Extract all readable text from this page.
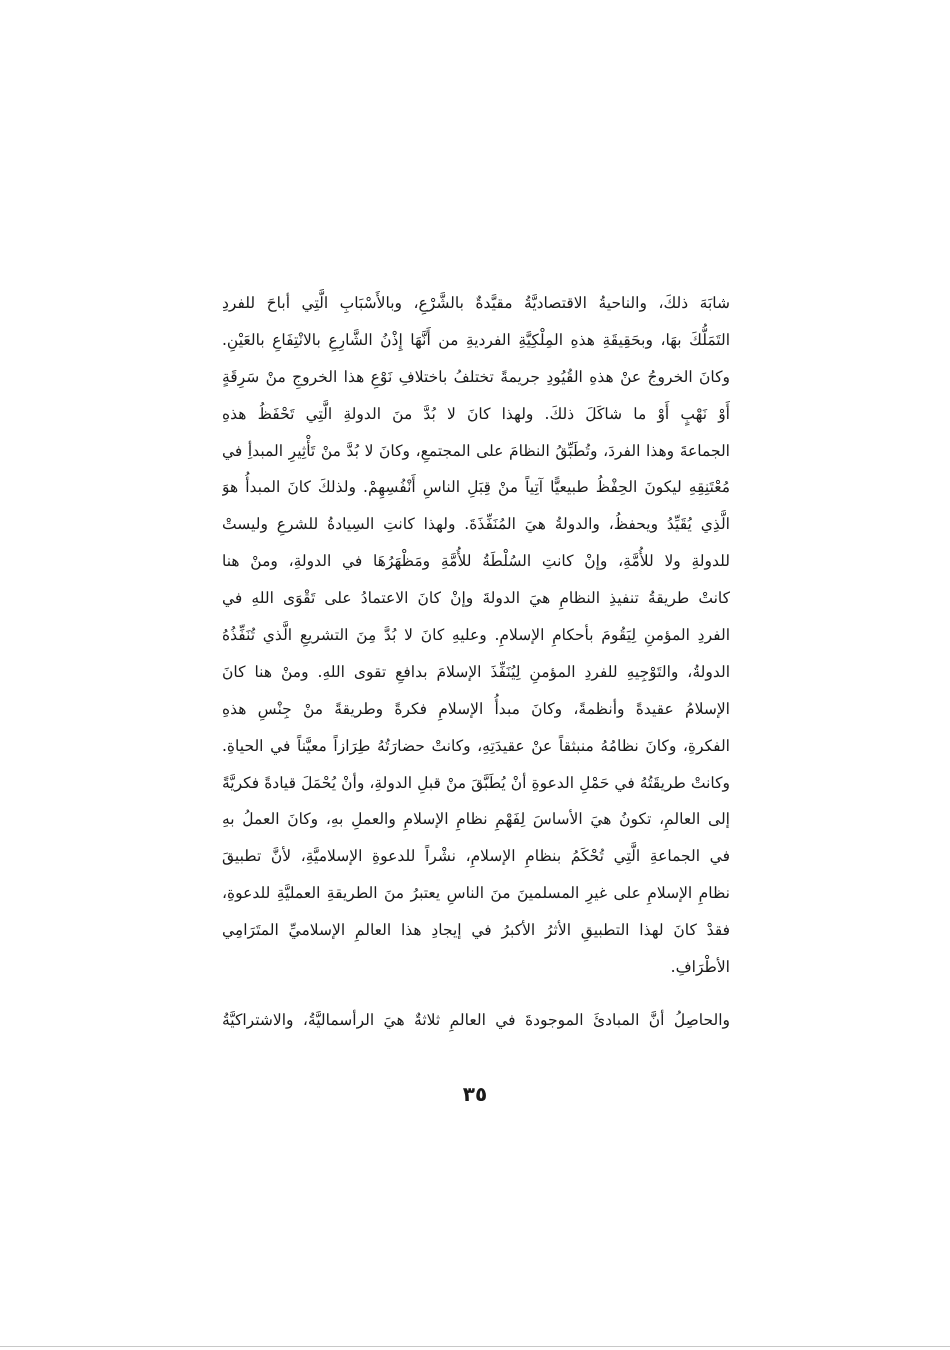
شابَهَ ذلكَ، والناحيةُ الاقتصاديَّةُ مقيَّدةٌ بالشَّرْعِ، وبالأَسْبَابِ الَّتِي أباحَ للفردِ
التَمَلُّكَ بهَا، وبحَقِيقَةِ هذهِ المِلْكِيَّةِ الفرديةِ من أَنَّهَا إِذْنُ الشَّارِعِ بالانْتِفَاعِ بالعَيْنِ.
وكانَ الخروجُ عنْ هذهِ القُيُودِ جريمةً تختلفُ باختلافِ نَوْعِ هذا الخروجِ منْ سَرِقَةٍ
أَوْ نَهْبٍ أَوْ ما شاكَلَ ذلكَ. ولهذا كانَ لا بُدَّ منَ الدولةِ الَّتِي تَحْفَظُ هذهِ
الجماعةَ وهذا الفردَ، وتُطَبِّقُ النظامَ على المجتمعِ، وكانَ لا بُدَّ منْ تَأْثِيرِ المبدأِ في
مُعْتَنِقِهِ ليكونَ الحِفْظُ طبيعيًّا آتِياً منْ قِبَلِ الناسِ أَنْفُسِهِمْ. ولذلكَ كانَ المبدأُ هوَ
الَّذِي يُقَيِّدُ ويحفظُ، والدولةُ هيَ المُنَفِّذَةَ. ولهذا كانتِ السِيادةُ للشرعِ وليستْ
للدولةِ ولا للأُمَّةِ، وإنْ كانتِ السُلْطَةُ للأُمَّةِ ومَظْهَرُهَا في الدولةِ، ومنْ هنا
كانتْ طريقةُ تنفيذِ النظامِ هيَ الدولةَ وإنْ كانَ الاعتمادُ على تَقْوَى اللهِ في
الفردِ المؤمنِ لِيَقُومَ بأحكامِ الإسلامِ. وعليهِ كانَ لا بُدَّ مِنَ التشريعِ الَّذي تُنَفِّذُهُ
الدولةُ، والتَوْجِيهِ للفردِ المؤمنِ لِيُنَفِّذَ الإسلامَ بدافعِ تقوى اللهِ. ومنْ هنا كانَ
الإسلامُ عقيدةً وأنظمةً، وكانَ مبدأُ الإسلامِ فكرةً وطريقةً منْ جِنْسِ هذهِ
الفكرةِ، وكانَ نظامُهُ منبثقاً عنْ عقيدَتِهِ، وكانتْ حضارَتُهُ طِرَازاً معيَّناً في الحياةِ.
وكانتْ طريقَتُهُ في حَمْلِ الدعوةِ أنْ يُطَبَّقَ منْ قبلِ الدولةِ، وأنْ يُحْمَلَ قيادةً فكريَّةً
إلى العالمِ، تكونُ هيَ الأساسَ لِفَهْمِ نظامِ الإسلامِ والعملِ بهِ، وكانَ العملُ بهِ
في الجماعةِ الَّتِي تُحْكَمُ بنظامِ الإسلامِ، نشْراً للدعوةِ الإسلاميَّةِ، لأنَّ تطبيقَ
نظامِ الإسلامِ على غيرِ المسلمينَ منَ الناسِ يعتبرُ منَ الطريقةِ العمليَّةِ للدعوةِ،
فقدْ كانَ لهذا التطبيقِ الأثرُ الأكبرُ في إيجادِ هذا العالمِ الإسلاميِّ المتَرَامِي
الأطْرَافِ.
والحاصِلُ أنَّ المبادئَ الموجودةَ في العالمِ ثلاثةٌ هيَ الرأسماليَّةُ، والاشتراكيَّةُ
٣٥
